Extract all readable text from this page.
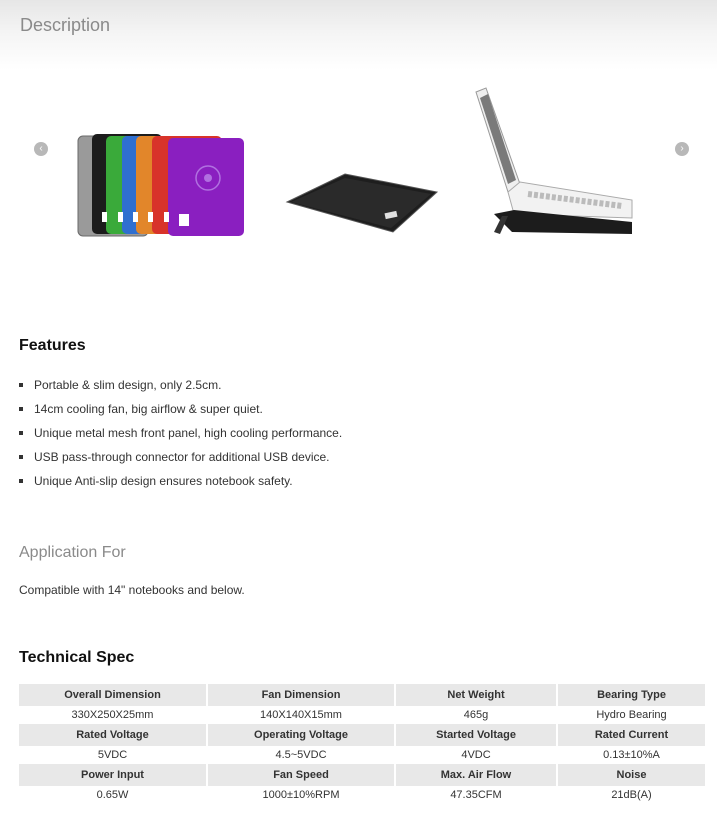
Description
‹	›
Features
Portable & slim design, only 2.5cm.
14cm cooling fan, big airflow & super quiet.
Unique metal mesh front panel, high cooling performance.
USB pass-through connector for additional USB device.
Unique Anti-slip design ensures notebook safety.
Application For
Compatible with 14" notebooks and below.
Technical Spec
Overall Dimension	Fan Dimension	Net Weight	Bearing Type
330X250X25mm	140X140X15mm	465g	Hydro Bearing
Rated Voltage	Operating Voltage	Started Voltage	Rated Current
5VDC	4.5~5VDC	4VDC	0.13±10%A
Power Input	Fan Speed	Max. Air Flow	Noise
0.65W	1000±10%RPM	47.35CFM	21dB(A)
